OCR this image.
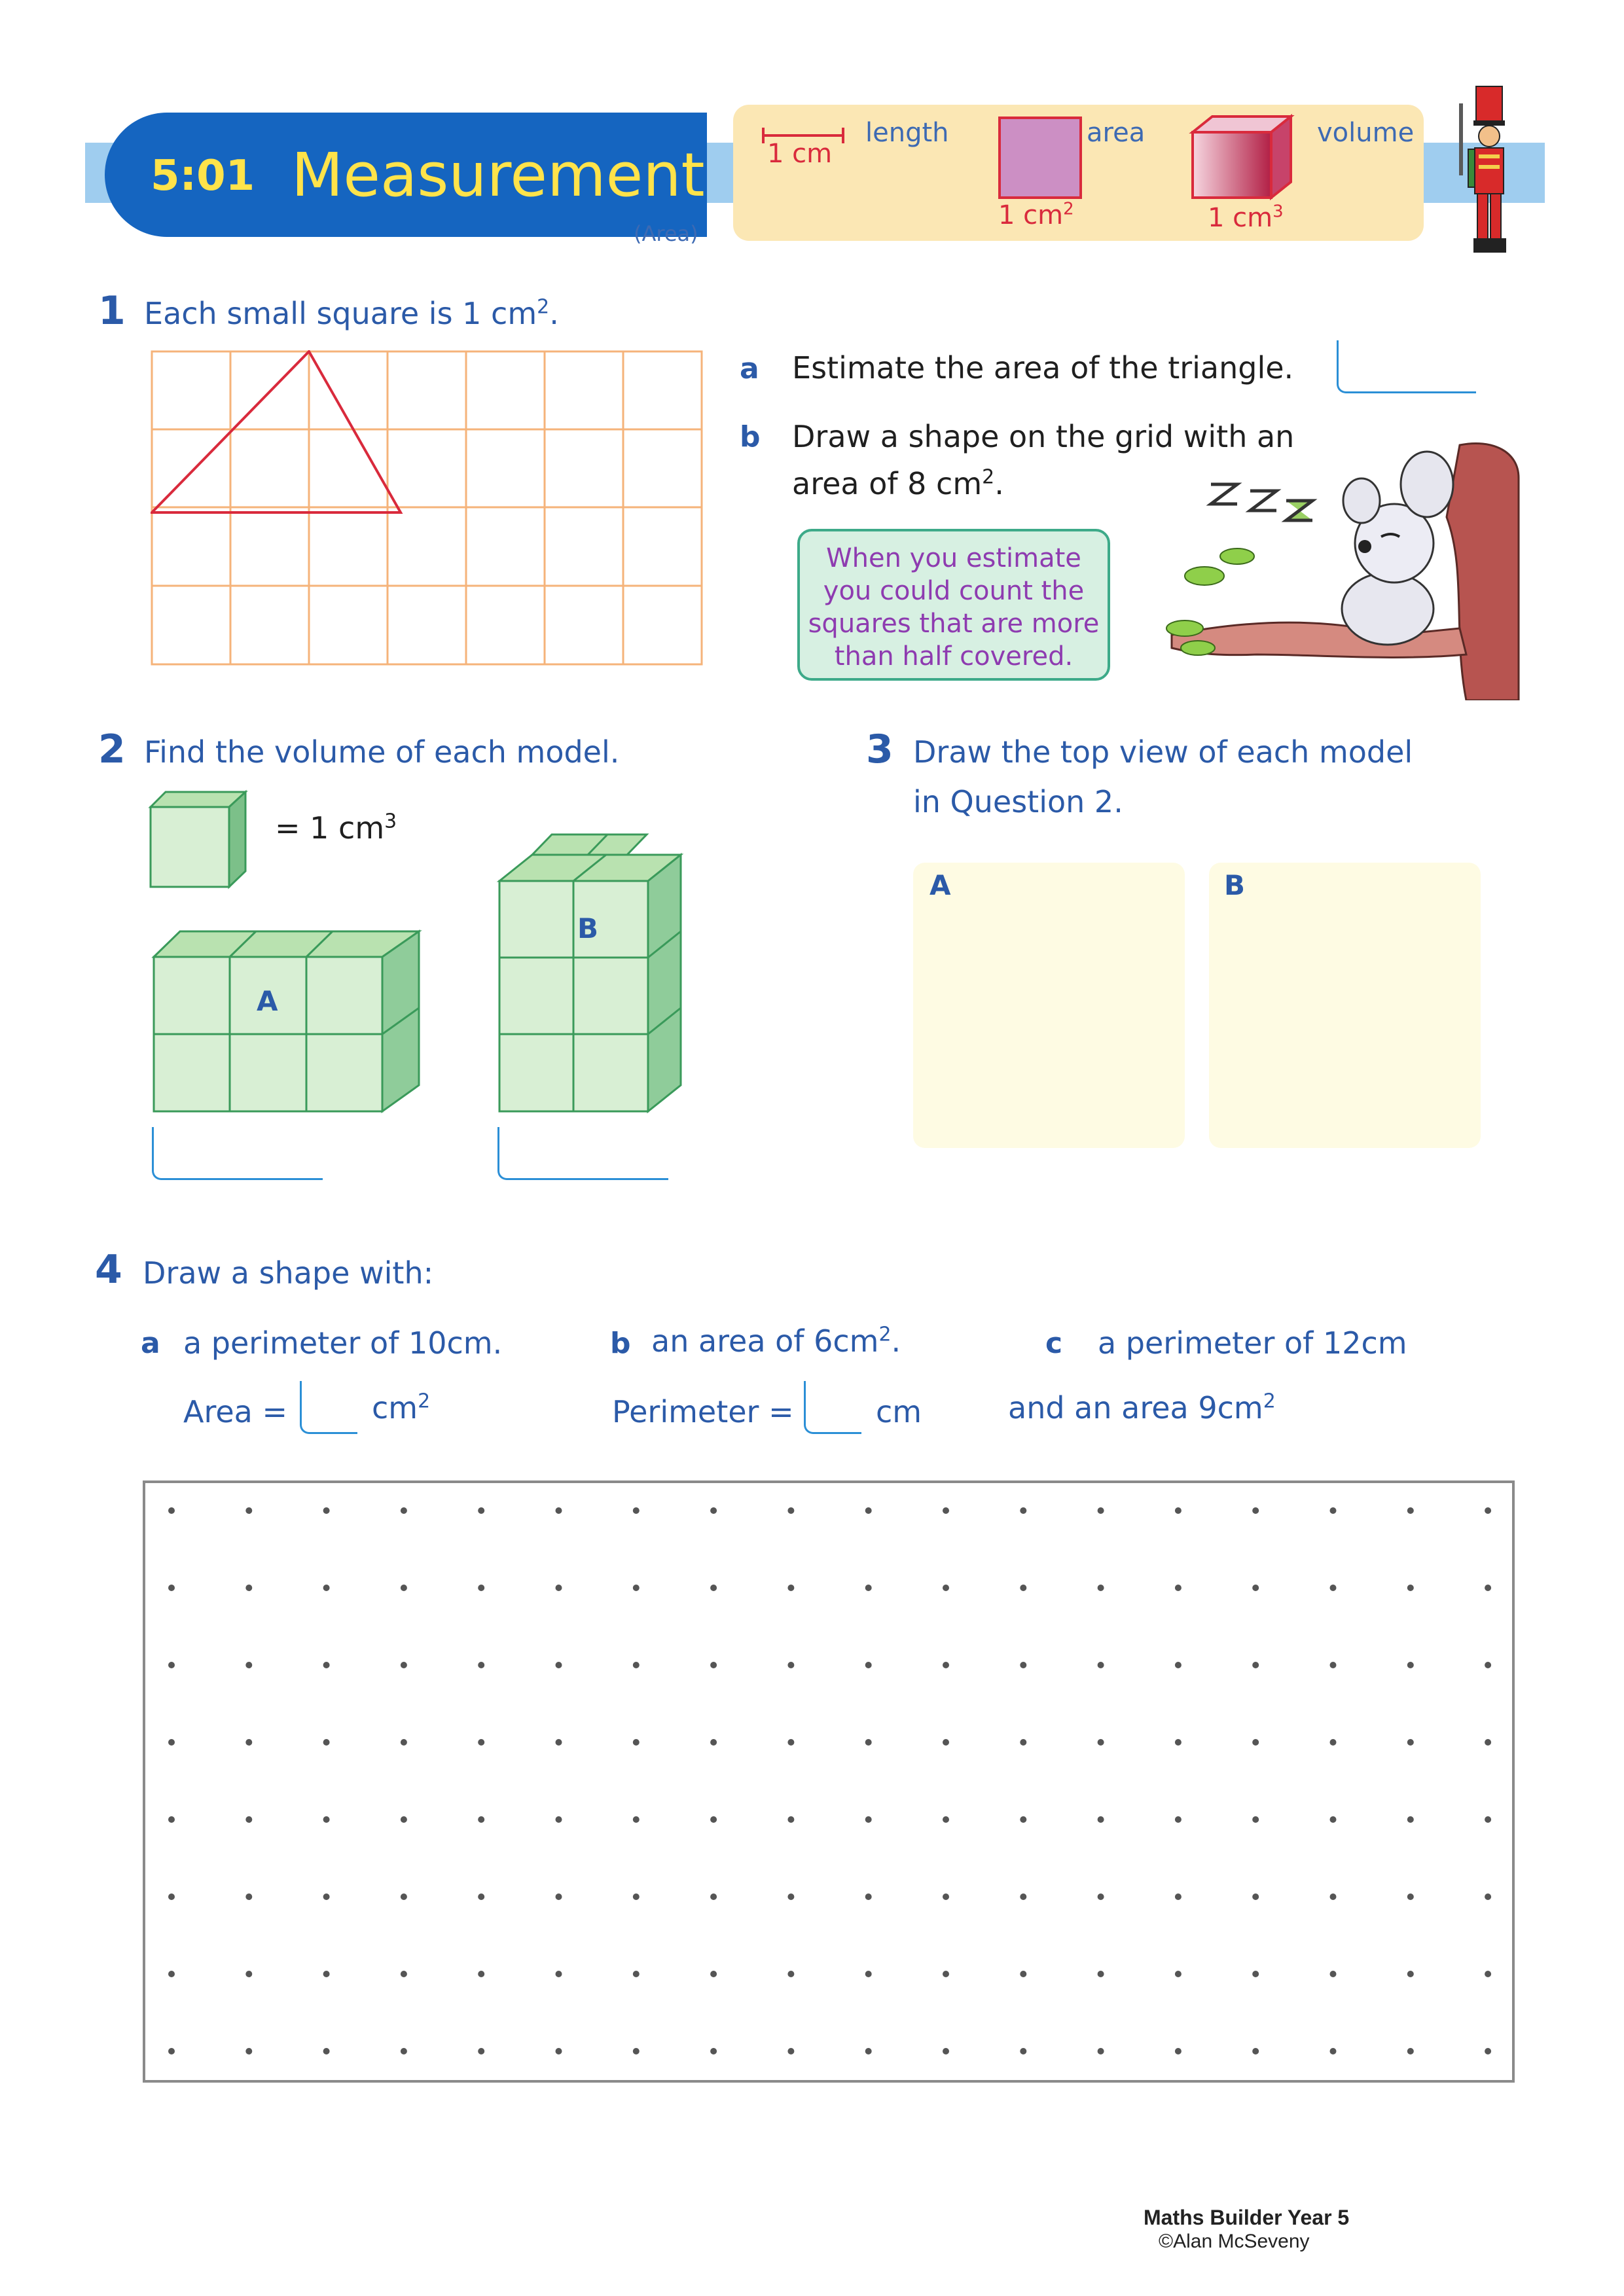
5:01 Measurement
(Area)
1 cm
length	area
1 $cm^2$
volume
1 $cm^3$
1 Each small square is 1 $cm^2$.
a Estimate the area of the triangle.
b Draw a shape on the grid with an
area of 8 $cm^2$.
When you estimate
you could count the
squares that are more
than half covered.
2 Find the volume of each model.
= 1 $cm^3$
A
B
3 Draw the top view of each model
in Question 2.
A	B
4 Draw a shape with:
a a perimeter of 10cm.
Area =	$cm^2$
b an area of $6cm^2$.
Perimeter =	cm
c a perimeter of 12cm
and an area $9cm^2$
Maths Builder Year 5
©Alan McSeveny
